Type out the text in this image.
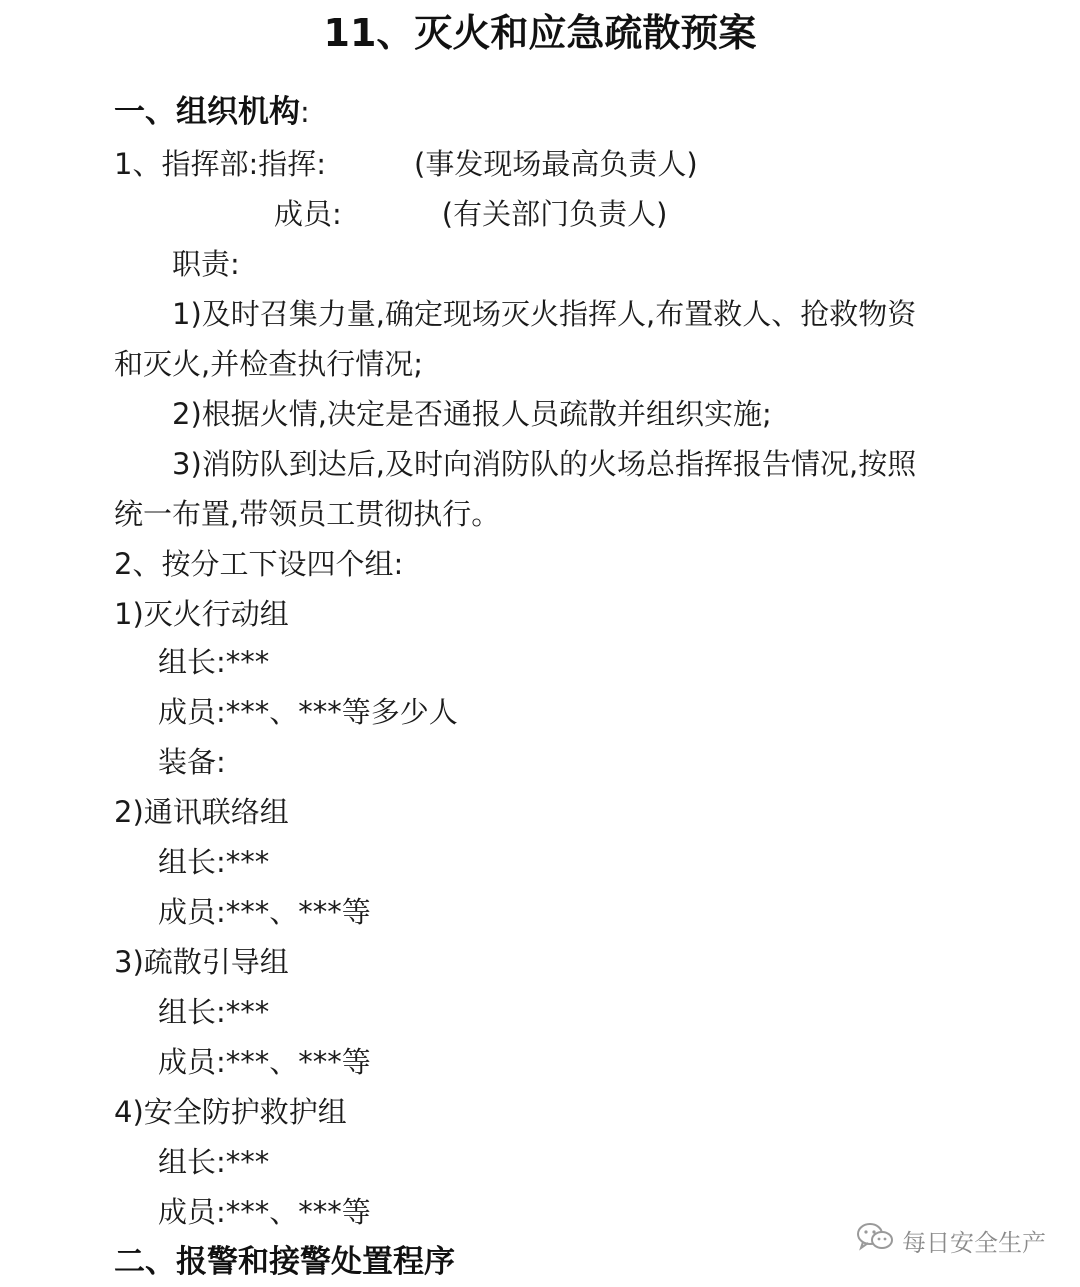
11、灭火和应急疏散预案
一、组织机构:
1、指挥部:指挥:	(事发现场最高负责人)
成员:	(有关部门负责人)
职责:
1)及时召集力量,确定现场灭火指挥人,布置救人、抢救物资
和灭火,并检查执行情况;
2)根据火情,决定是否通报人员疏散并组织实施;
3)消防队到达后,及时向消防队的火场总指挥报告情况,按照
统一布置,带领员工贯彻执行。
2、按分工下设四个组:
1)灭火行动组
组长:***
成员:***、***等多少人
装备:
2)通讯联络组
组长:***
成员:***、***等
3)疏散引导组
组长:***
成员:***、***等
4)安全防护救护组
组长:***
成员:***、***等
二、报警和接警处置程序
每日安全生产
